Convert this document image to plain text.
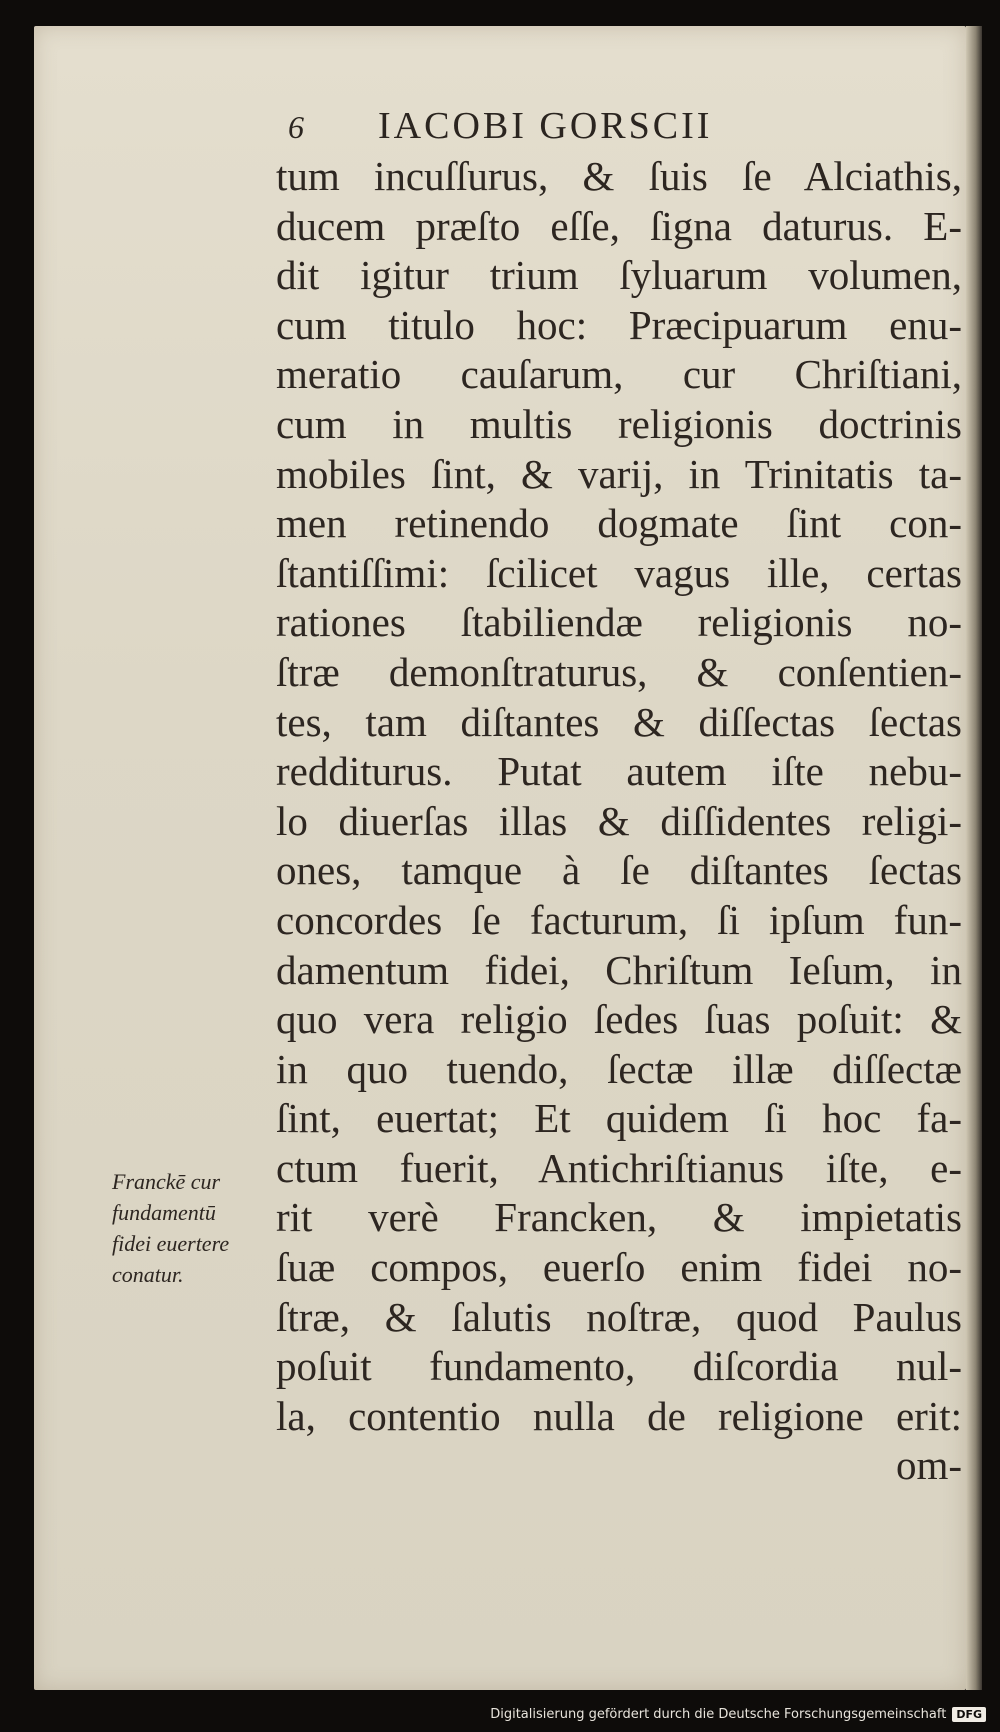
6 IACOBI GORSCII
tum incuſſurus, & ſuis ſe Alciathis,
ducem præſto eſſe, ſigna daturus. E-
dit igitur trium ſyluarum volumen,
cum titulo hoc: Præcipuarum enu-
meratio cauſarum, cur Chriſtiani,
cum in multis religionis doctrinis
mobiles ſint, & varij, in Trinitatis ta-
men retinendo dogmate ſint con-
ſtantiſſimi: ſcilicet vagus ille, certas
rationes ſtabiliendæ religionis no-
ſtræ demonſtraturus, & conſentien-
tes, tam diſtantes & diſſectas ſectas
redditurus. Putat autem iſte nebu-
lo diuerſas illas & diſſidentes religi-
ones, tamque à ſe diſtantes ſectas
concordes ſe facturum, ſi ipſum fun-
damentum fidei, Chriſtum Ieſum, in
quo vera religio ſedes ſuas poſuit: &
in quo tuendo, ſectæ illæ diſſectæ
ſint, euertat; Et quidem ſi hoc fa-
ctum fuerit, Antichriſtianus iſte, e-
rit verè Francken, & impietatis
ſuæ compos, euerſo enim fidei no-
ſtræ, & ſalutis noſtræ, quod Paulus
poſuit fundamento, diſcordia nul-
la, contentio nulla de religione erit:
om-
Franckē cur
fundamentū
fidei euertere
conatur.
Digitalisierung gefördert durch die Deutsche Forschungsgemeinschaft DFG
